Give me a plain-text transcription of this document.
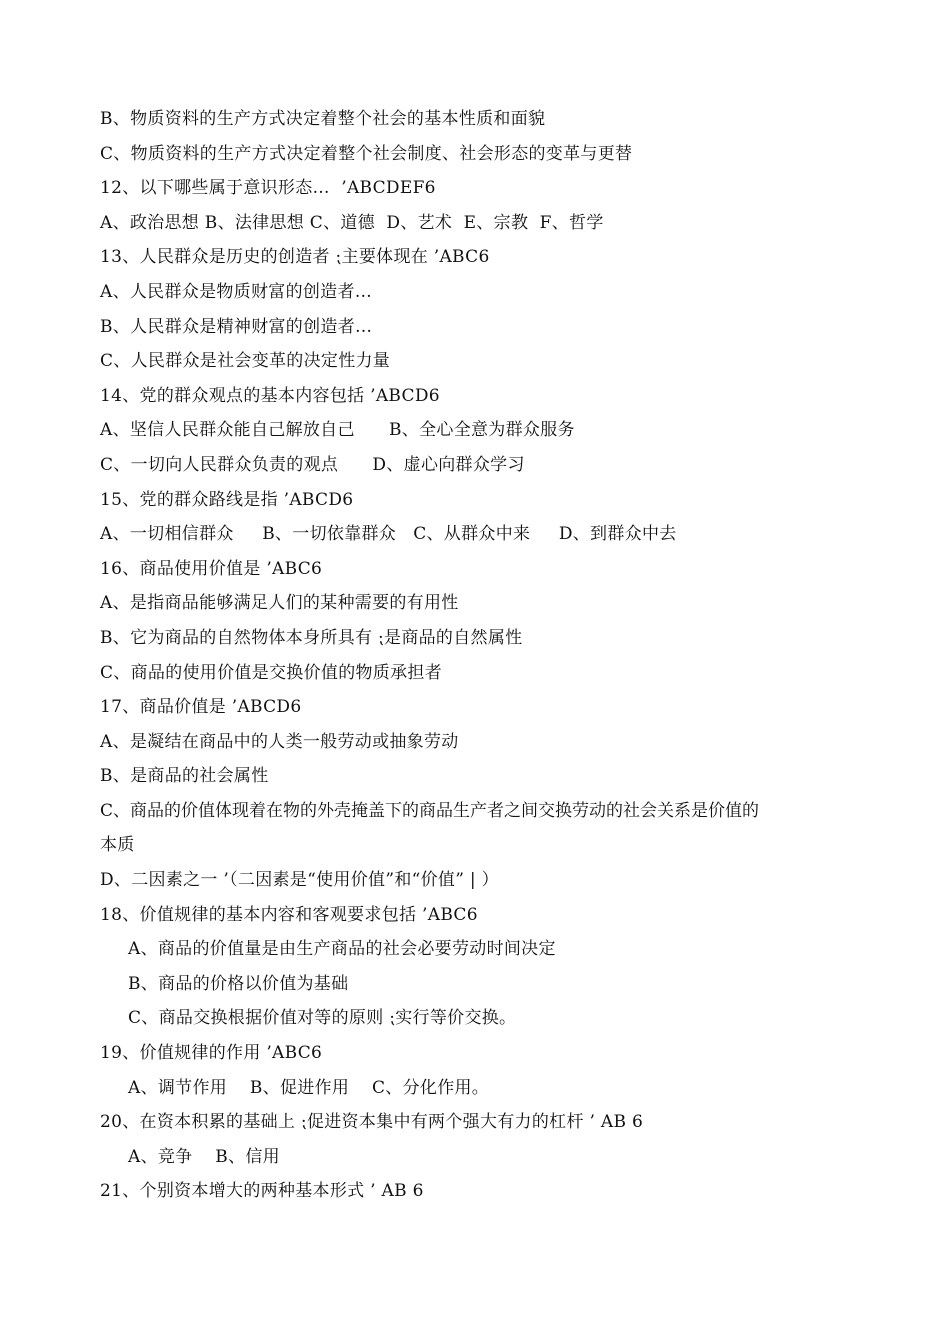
B、物质资料的生产方式决定着整个社会的基本性质和面貌
C、物质资料的生产方式决定着整个社会制度、社会形态的变革与更替
12、以下哪些属于意识形态…  ’ABCDEF6
A、政治思想 B、法律思想 C、道德  D、艺术  E、宗教  F、哲学
13、人民群众是历史的创造者 ⁏主要体现在 ’ABC6
A、人民群众是物质财富的创造者…
B、人民群众是精神财富的创造者…
C、人民群众是社会变革的决定性力量
14、党的群众观点的基本内容包括 ’ABCD6
A、坚信人民群众能自己解放自己      B、全心全意为群众服务
C、一切向人民群众负责的观点      D、虚心向群众学习
15、党的群众路线是指 ’ABCD6
A、一切相信群众     B、一切依靠群众   C、从群众中来     D、到群众中去
16、商品使用价值是 ’ABC6
A、是指商品能够满足人们的某种需要的有用性
B、它为商品的自然物体本身所具有 ⁏是商品的自然属性
C、商品的使用价值是交换价值的物质承担者
17、商品价值是 ’ABCD6
A、是凝结在商品中的人类一般劳动或抽象劳动
B、是商品的社会属性
C、商品的价值体现着在物的外壳掩盖下的商品生产者之间交换劳动的社会关系是价值的
本质
D、二因素之一 ’（二因素是“使用价值”和“价值” | ）
18、价值规律的基本内容和客观要求包括 ’ABC6
A、商品的价值量是由生产商品的社会必要劳动时间决定
B、商品的价格以价值为基础
C、商品交换根据价值对等的原则 ⁏实行等价交换。
19、价值规律的作用 ’ABC6
A、调节作用    B、促进作用    C、分化作用。
20、在资本积累的基础上 ⁏促进资本集中有两个强大有力的杠杆 ’ AB 6
A、竞争    B、信用
21、个别资本增大的两种基本形式 ’ AB 6
